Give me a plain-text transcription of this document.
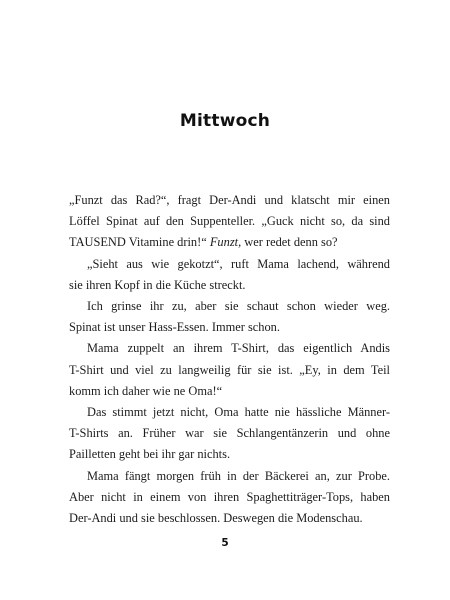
Mittwoch
„Funzt das Rad?“, fragt Der-Andi und klatscht mir einen
Löffel Spinat auf den Suppenteller. „Guck nicht so, da sind
TAUSEND Vitamine drin!“ Funzt, wer redet denn so?
„Sieht aus wie gekotzt“, ruft Mama lachend, während
sie ihren Kopf in die Küche streckt.
Ich grinse ihr zu, aber sie schaut schon wieder weg.
Spinat ist unser Hass-Essen. Immer schon.
Mama zuppelt an ihrem T-Shirt, das eigentlich Andis
T-Shirt und viel zu langweilig für sie ist. „Ey, in dem Teil
komm ich daher wie ne Oma!“
Das stimmt jetzt nicht, Oma hatte nie hässliche Männer-
T-Shirts an. Früher war sie Schlangentänzerin und ohne
Pailletten geht bei ihr gar nichts.
Mama fängt morgen früh in der Bäckerei an, zur Probe.
Aber nicht in einem von ihren Spaghettiträger-Tops, haben
Der-Andi und sie beschlossen. Deswegen die Modenschau.
5
